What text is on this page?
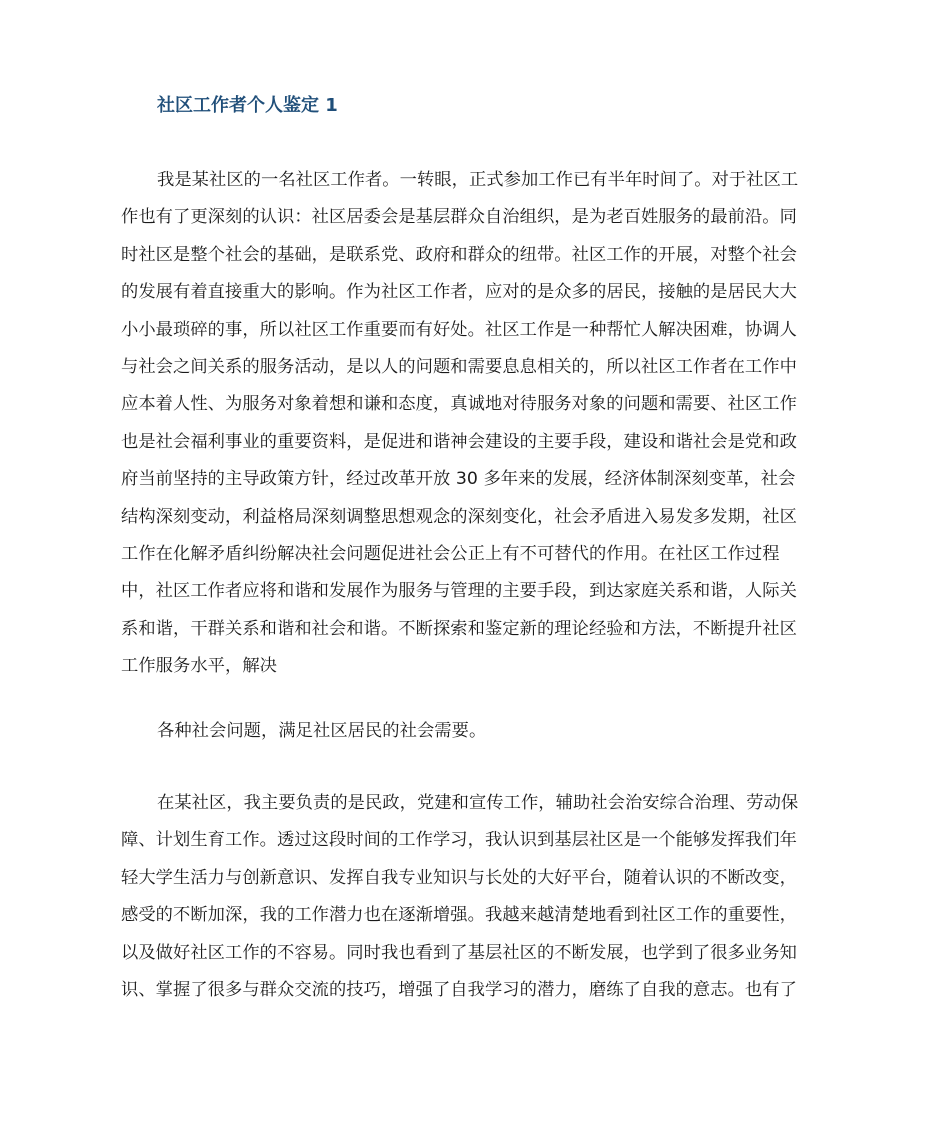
社区工作者个人鉴定 1
我是某社区的一名社区工作者。一转眼，正式参加工作已有半年时间了。对于社区工
作也有了更深刻的认识：社区居委会是基层群众自治组织，是为老百姓服务的最前沿。同
时社区是整个社会的基础，是联系党、政府和群众的纽带。社区工作的开展，对整个社会
的发展有着直接重大的影响。作为社区工作者，应对的是众多的居民，接触的是居民大大
小小最琐碎的事，所以社区工作重要而有好处。社区工作是一种帮忙人解决困难，协调人
与社会之间关系的服务活动，是以人的问题和需要息息相关的，所以社区工作者在工作中
应本着人性、为服务对象着想和谦和态度，真诚地对待服务对象的问题和需要、社区工作
也是社会福利事业的重要资料，是促进和谐神会建设的主要手段，建设和谐社会是党和政
府当前坚持的主导政策方针，经过改革开放 30 多年来的发展，经济体制深刻变革，社会
结构深刻变动，利益格局深刻调整思想观念的深刻变化，社会矛盾进入易发多发期，社区
工作在化解矛盾纠纷解决社会问题促进社会公正上有不可替代的作用。在社区工作过程
中，社区工作者应将和谐和发展作为服务与管理的主要手段，到达家庭关系和谐，人际关
系和谐，干群关系和谐和社会和谐。不断探索和鉴定新的理论经验和方法，不断提升社区
工作服务水平，解决
各种社会问题，满足社区居民的社会需要。
在某社区，我主要负责的是民政，党建和宣传工作，辅助社会治安综合治理、劳动保
障、计划生育工作。透过这段时间的工作学习，我认识到基层社区是一个能够发挥我们年
轻大学生活力与创新意识、发挥自我专业知识与长处的大好平台，随着认识的不断改变，
感受的不断加深，我的工作潜力也在逐渐增强。我越来越清楚地看到社区工作的重要性，
以及做好社区工作的不容易。同时我也看到了基层社区的不断发展，也学到了很多业务知
识、掌握了很多与群众交流的技巧，增强了自我学习的潜力，磨练了自我的意志。也有了
